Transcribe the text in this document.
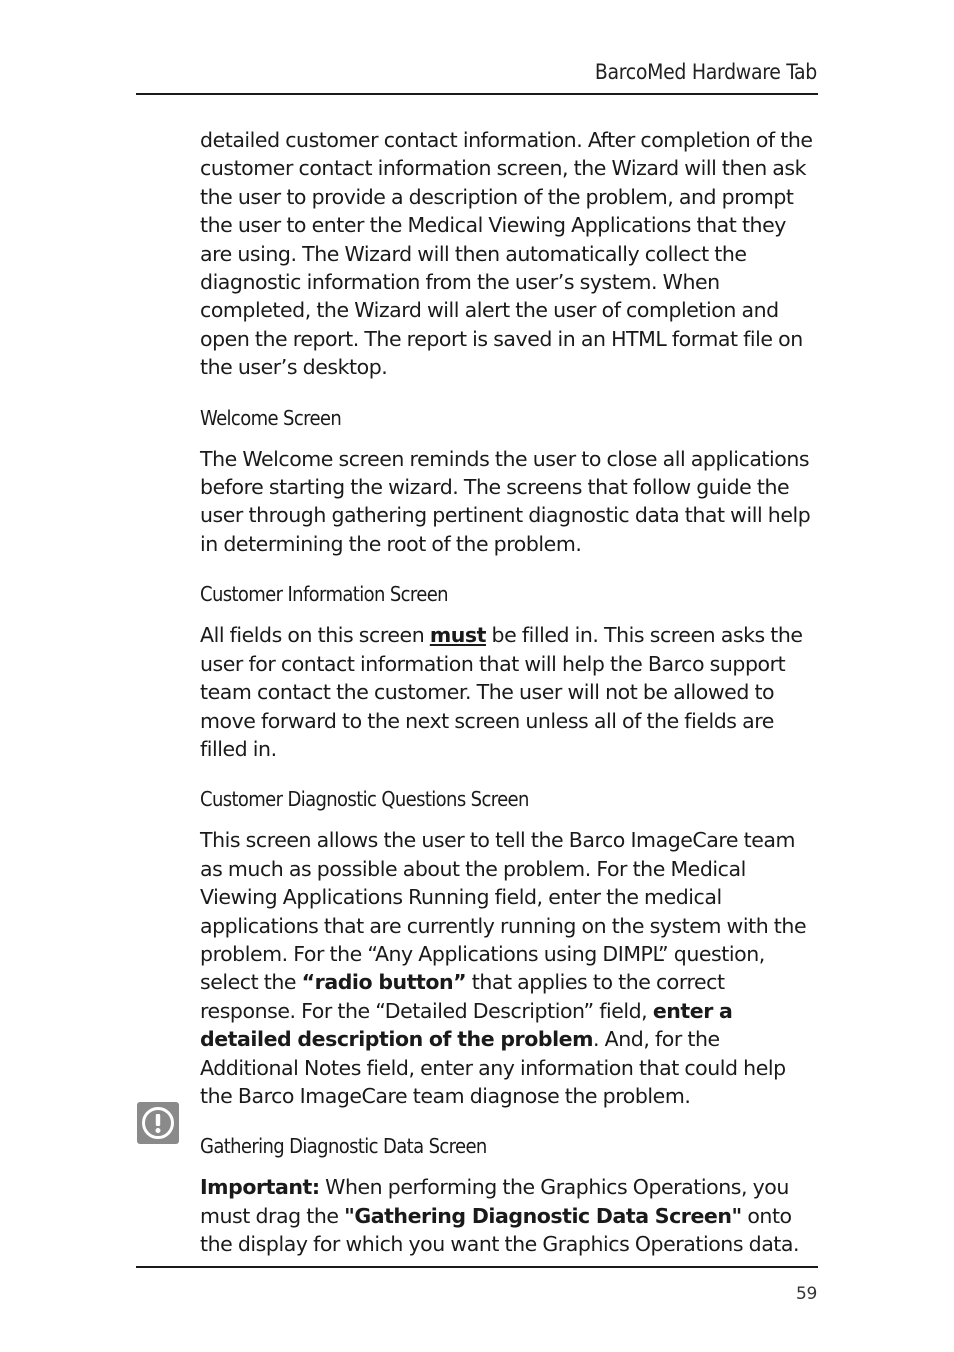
BarcoMed Hardware Tab

detailed customer contact information. After completion of the customer contact information screen, the Wizard will then ask the user to provide a description of the problem, and prompt the user to enter the Medical Viewing Applications that they are using. The Wizard will then automatically collect the diagnostic information from the user’s system. When completed, the Wizard will alert the user of completion and open the report. The report is saved in an HTML format file on the user’s desktop.

Welcome Screen

The Welcome screen reminds the user to close all applications before starting the wizard. The screens that follow guide the user through gathering pertinent diagnostic data that will help in determining the root of the problem.

Customer Information Screen

All fields on this screen must be filled in. This screen asks the user for contact information that will help the Barco support team contact the customer. The user will not be allowed to move forward to the next screen unless all of the fields are filled in.

Customer Diagnostic Questions Screen

This screen allows the user to tell the Barco ImageCare team as much as possible about the problem. For the Medical Viewing Applications Running field, enter the medical applications that are currently running on the system with the problem. For the “Any Applications using DIMPL” question, select the “radio button” that applies to the correct response. For the “Detailed Description” field, enter a detailed description of the problem. And, for the Additional Notes field, enter any information that could help the Barco ImageCare team diagnose the problem.

Gathering Diagnostic Data Screen

Important: When performing the Graphics Operations, you must drag the "Gathering Diagnostic Data Screen" onto the display for which you want the Graphics Operations data.

59
